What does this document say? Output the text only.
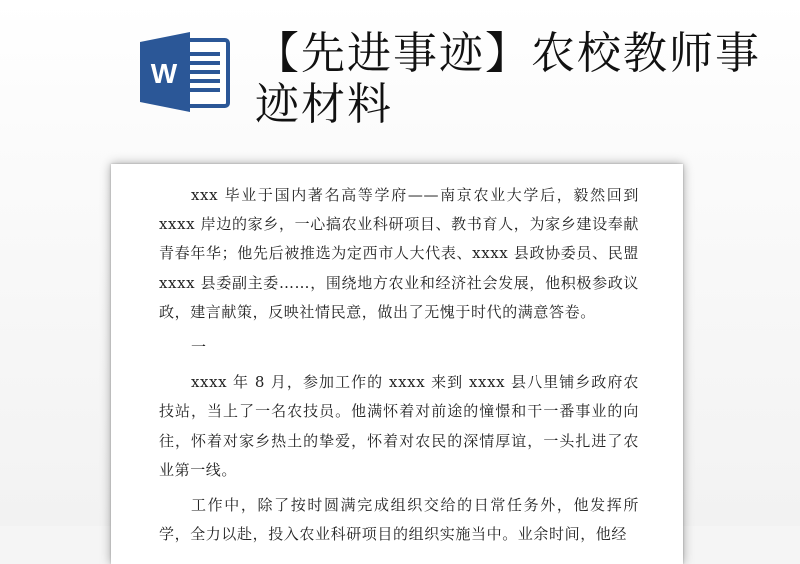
W 【先进事迹】农校教师事迹材料

xxx 毕业于国内著名高等学府——南京农业大学后，毅然回到 xxxx 岸边的家乡，一心搞农业科研项目、教书育人，为家乡建设奉献青春年华；他先后被推选为定西市人大代表、xxxx 县政协委员、民盟 xxxx 县委副主委……，围绕地方农业和经济社会发展，他积极参政议政，建言献策，反映社情民意，做出了无愧于时代的满意答卷。

一

xxxx 年 8 月，参加工作的 xxxx 来到 xxxx 县八里铺乡政府农技站，当上了一名农技员。他满怀着对前途的憧憬和干一番事业的向往，怀着对家乡热土的挚爱，怀着对农民的深情厚谊，一头扎进了农业第一线。

工作中，除了按时圆满完成组织交给的日常任务外，他发挥所学，全力以赴，投入农业科研项目的组织实施当中。业余时间，他经
